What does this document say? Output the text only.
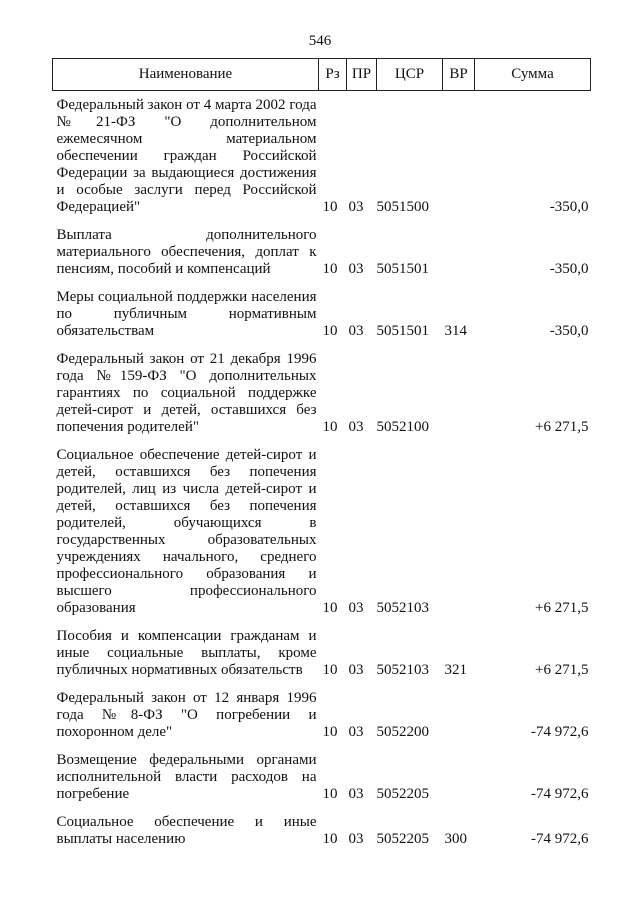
546
Наименование	Рз	ПР	ЦСР	ВР	Сумма
Федеральный закон от 4 марта 2002 года №21-ФЗ "О дополнительном ежемесячном материальном обеспечении граждан Российской Федерации за выдающиеся достижения и особые заслуги перед Российской Федерацией"	10	03	5051500		-350,0
Выплата дополнительного материального обеспечения, доплат к пенсиям, пособий и компенсаций	10	03	5051501		-350,0
Меры социальной поддержки населения по публичным нормативным обязательствам	10	03	5051501	314	-350,0
Федеральный закон от 21 декабря 1996 года №159-ФЗ "О дополнительных гарантиях по социальной поддержке детей-сирот и детей, оставшихся без попечения родителей"	10	03	5052100		+6 271,5
Социальное обеспечение детей-сирот и детей, оставшихся без попечения родителей, лиц из числа детей-сирот и детей, оставшихся без попечения родителей, обучающихся в государственных образовательных учреждениях начального, среднего профессионального образования и высшего профессионального образования	10	03	5052103		+6 271,5
Пособия и компенсации гражданам и иные социальные выплаты, кроме публичных нормативных обязательств	10	03	5052103	321	+6 271,5
Федеральный закон от 12 января 1996 года №8-ФЗ "О погребении и похоронном деле"	10	03	5052200		-74 972,6
Возмещение федеральными органами исполнительной власти расходов на погребение	10	03	5052205		-74 972,6
Социальное обеспечение и иные выплаты населению	10	03	5052205	300	-74 972,6
